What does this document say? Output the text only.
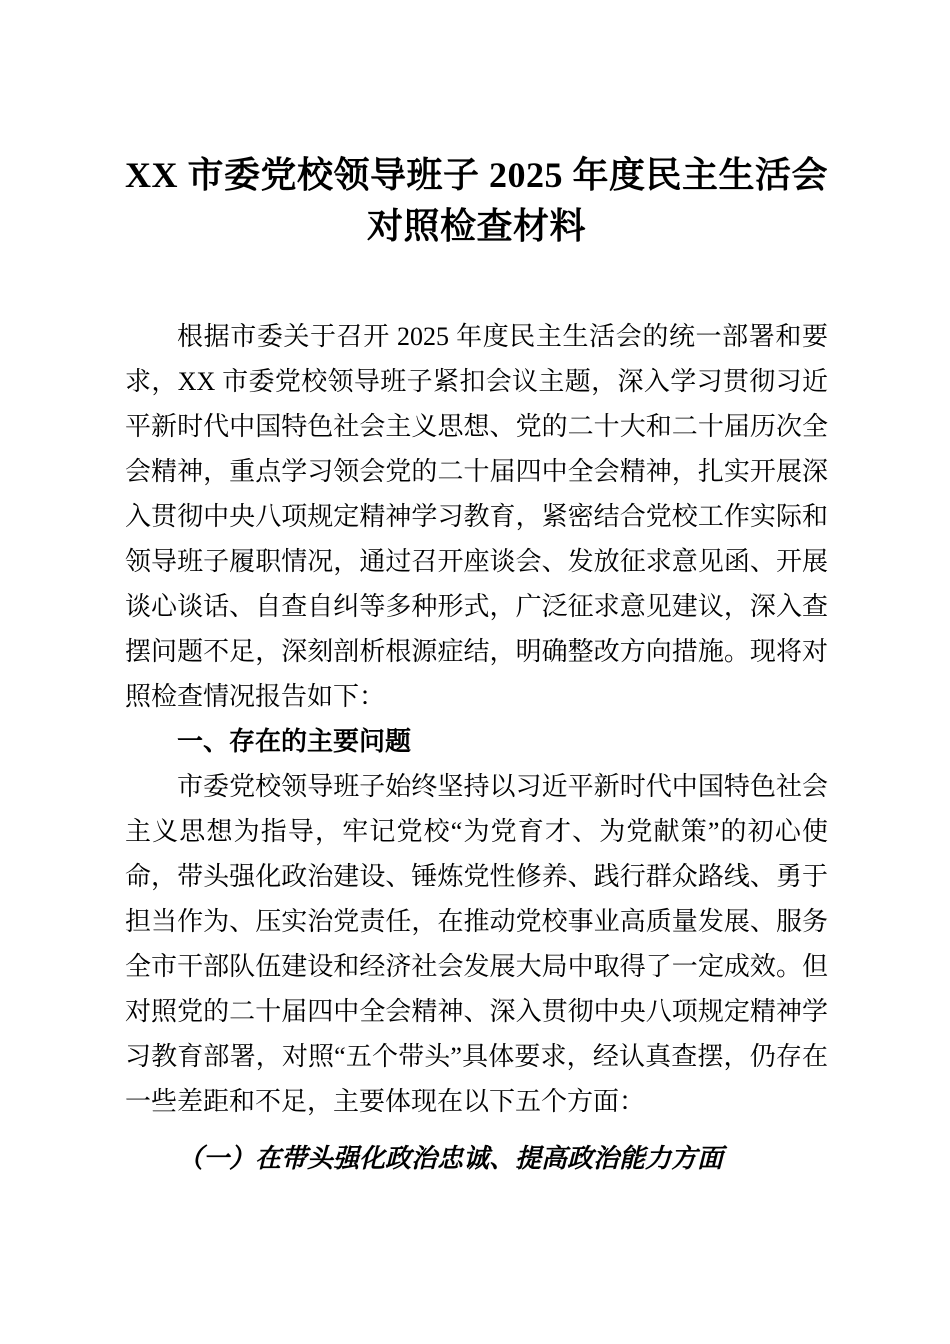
XX 市委党校领导班子 2025 年度民主生活会对照检查材料

根据市委关于召开 2025 年度民主生活会的统一部署和要求，XX 市委党校领导班子紧扣会议主题，深入学习贯彻习近平新时代中国特色社会主义思想、党的二十大和二十届历次全会精神，重点学习领会党的二十届四中全会精神，扎实开展深入贯彻中央八项规定精神学习教育，紧密结合党校工作实际和领导班子履职情况，通过召开座谈会、发放征求意见函、开展谈心谈话、自查自纠等多种形式，广泛征求意见建议，深入查摆问题不足，深刻剖析根源症结，明确整改方向措施。现将对照检查情况报告如下：

一、存在的主要问题

市委党校领导班子始终坚持以习近平新时代中国特色社会主义思想为指导，牢记党校“为党育才、为党献策”的初心使命，带头强化政治建设、锤炼党性修养、践行群众路线、勇于担当作为、压实治党责任，在推动党校事业高质量发展、服务全市干部队伍建设和经济社会发展大局中取得了一定成效。但对照党的二十届四中全会精神、深入贯彻中央八项规定精神学习教育部署，对照“五个带头”具体要求，经认真查摆，仍存在一些差距和不足，主要体现在以下五个方面：

（一）在带头强化政治忠诚、提高政治能力方面
